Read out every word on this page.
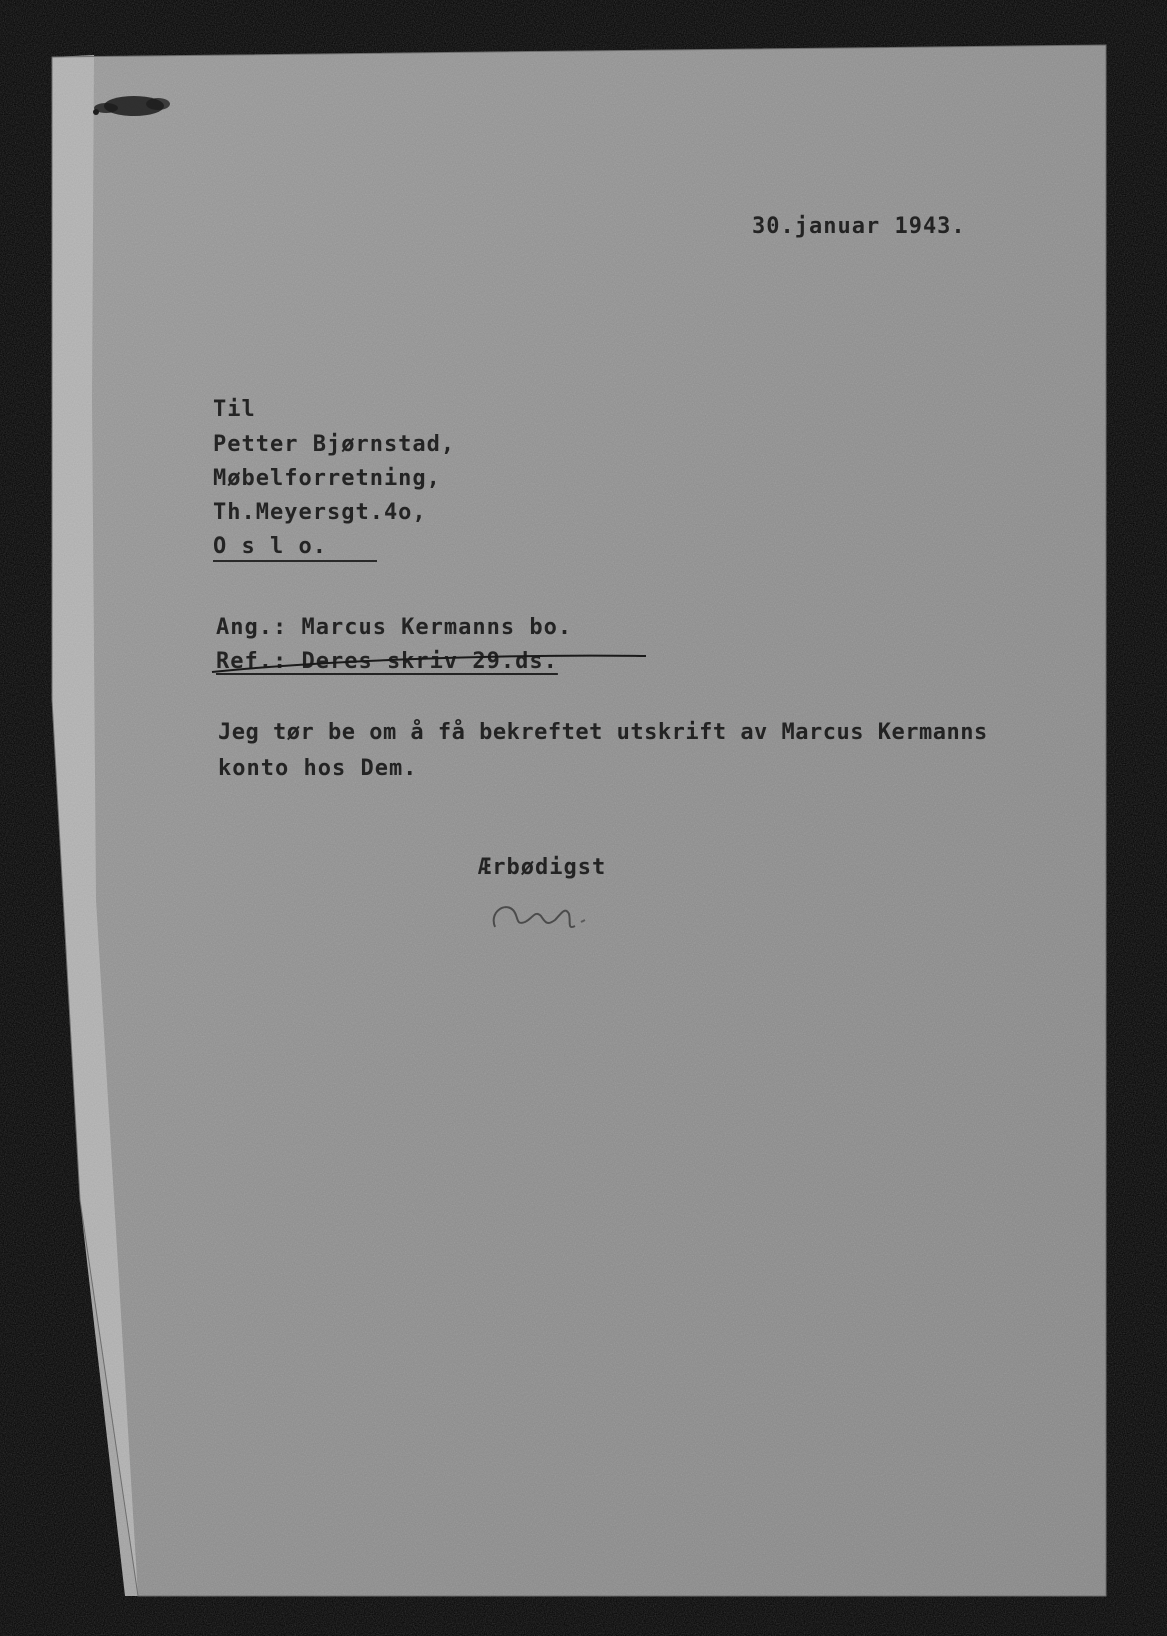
30.januar 1943.
Til
Petter Bjørnstad,
Møbelforretning,
Th.Meyersgt.4o,
O s l o.
Ang.: Marcus Kermanns bo.
Ref.: Deres skriv 29.ds.
Jeg tør be om å få bekreftet utskrift av Marcus Kermanns
konto hos Dem.
Ærbødigst
